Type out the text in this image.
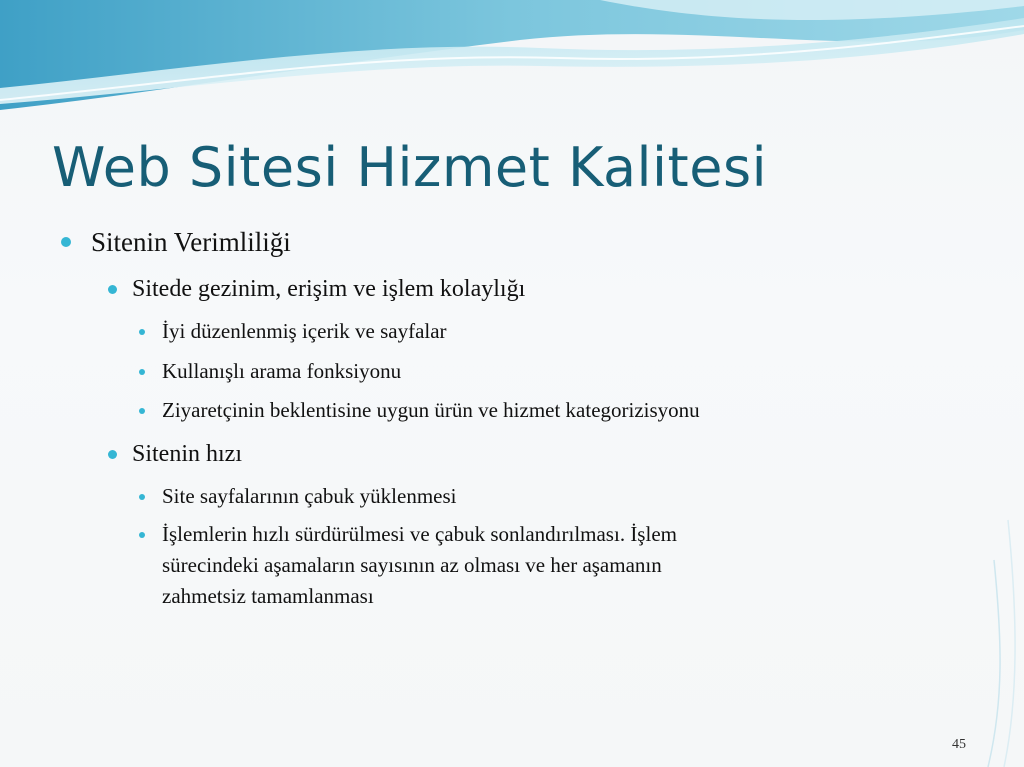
Web Sitesi Hizmet Kalitesi
Sitenin Verimliliği
Sitede gezinim, erişim ve işlem kolaylığı
İyi düzenlenmiş içerik ve sayfalar
Kullanışlı arama fonksiyonu
Ziyaretçinin beklentisine uygun ürün ve hizmet kategorizisyonu
Sitenin hızı
Site sayfalarının çabuk yüklenmesi
İşlemlerin hızlı sürdürülmesi ve çabuk sonlandırılması. İşlem
sürecindeki aşamaların sayısının az olması ve her aşamanın
zahmetsiz tamamlanması
45
